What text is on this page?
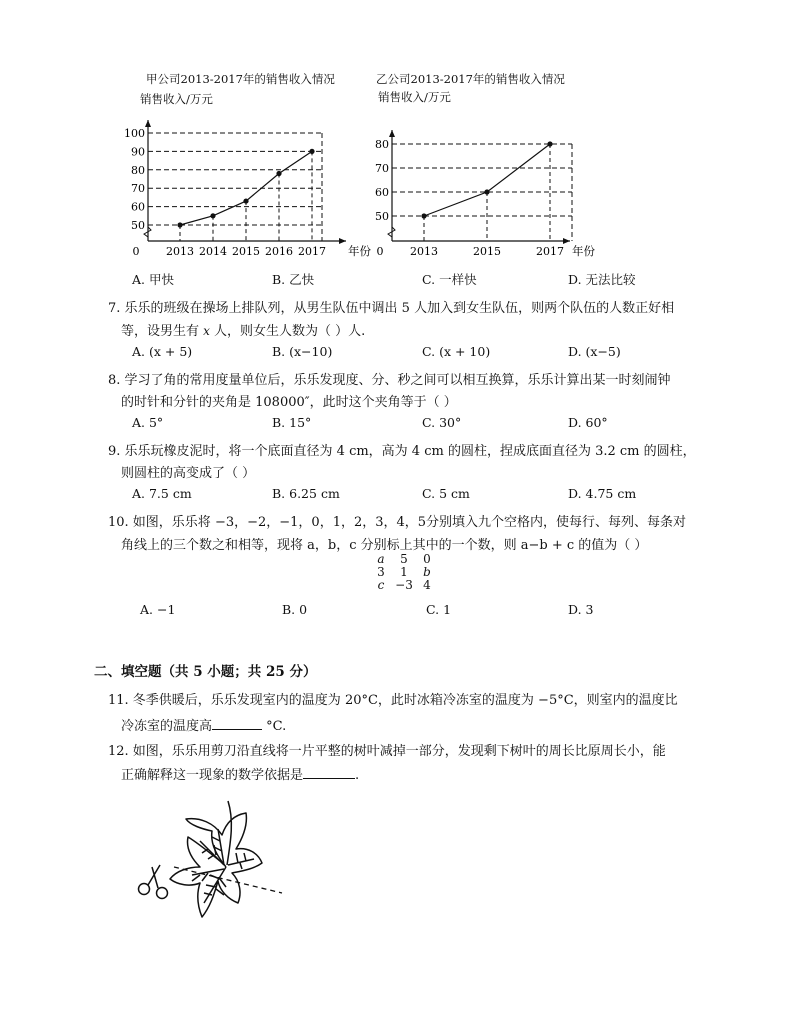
甲公司2013-2017年的销售收入情况
销售收入/万元
0
50
60
70
80
90
100
2013 2014 2015 2016 2017 年份
乙公司2013-2017年的销售收入情况
销售收入/万元
0
50
60
70
80
2013	2015	2017 年份
A. 甲快	B. 乙快	C. 一样快	D. 无法比较
7. 乐乐的班级在操场上排队列，从男生队伍中调出 5 人加入到女生队伍，则两个队伍的人数正好相
等，设男生有 x 人，则女生人数为（ ）人.
A. (x + 5)	B. (x−10)	C. (x + 10)	D. (x−5)
8. 学习了角的常用度量单位后，乐乐发现度、分、秒之间可以相互换算，乐乐计算出某一时刻闹钟
的时针和分针的夹角是 108000″，此时这个夹角等于（ ）
A. 5°	B. 15°	C. 30°	D. 60°
9. 乐乐玩橡皮泥时，将一个底面直径为 4 cm，高为 4 cm 的圆柱，捏成底面直径为 3.2 cm 的圆柱，
则圆柱的高变成了（ ）
A. 7.5 cm	B. 6.25 cm	C. 5 cm	D. 4.75 cm
10. 如图，乐乐将 −3，−2，−1，0，1，2，3，4，5分别填入九个空格内，使每行、每列、每条对
角线上的三个数之和相等，现将 a，b，c 分别标上其中的一个数，则 a−b + c 的值为（ ）
a	5	0
3	1	b
c −3 4
A. −1	B. 0	C. 1	D. 3
二、填空题（共 5 小题；共 25 分）
11. 冬季供暖后，乐乐发现室内的温度为 20°C，此时冰箱冷冻室的温度为 −5°C，则室内的温度比
冷冻室的温度高	°C.
12. 如图，乐乐用剪刀沿直线将一片平整的树叶减掉一部分，发现剩下树叶的周长比原周长小，能
正确解释这一现象的数学依据是	.
